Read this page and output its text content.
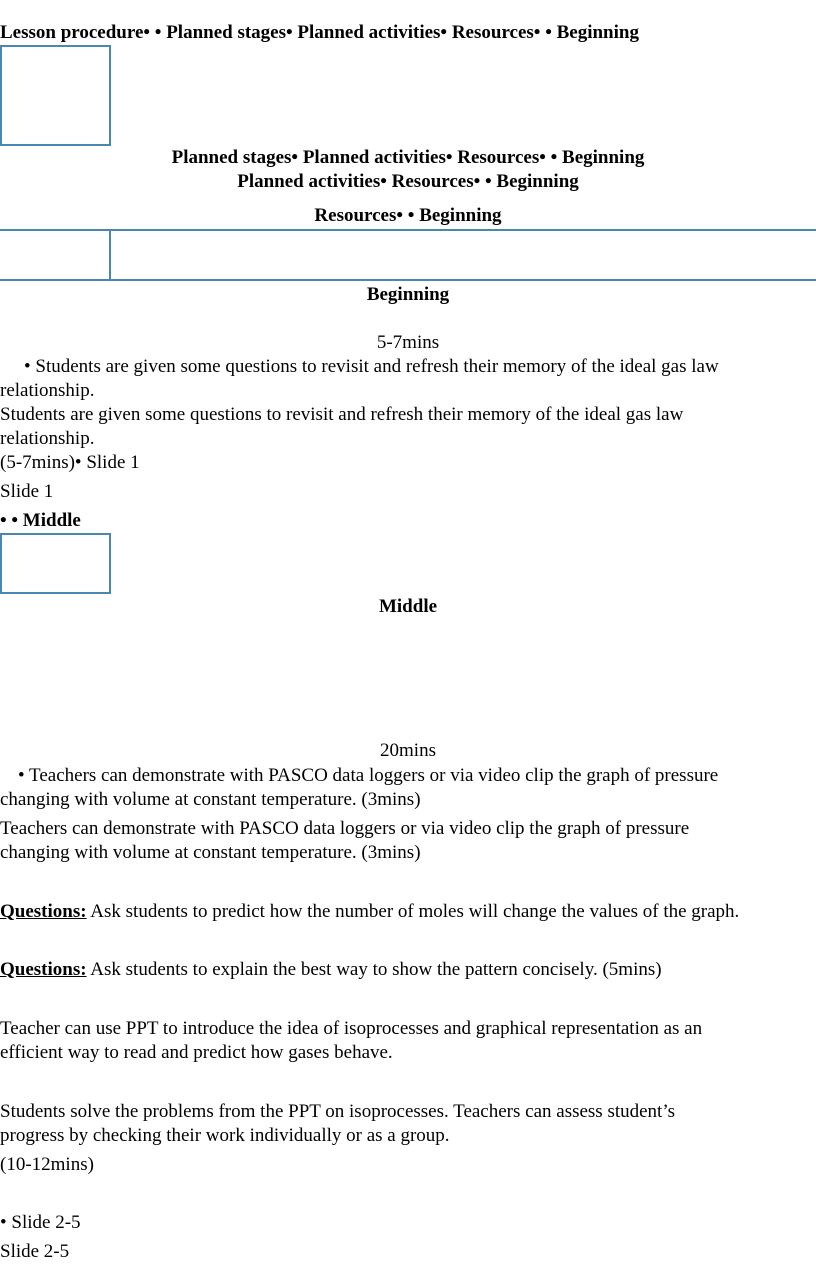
Lesson procedure• • Planned stages• Planned activities• Resources• • Beginning
Planned stages• Planned activities• Resources• • Beginning
Planned activities• Resources• • Beginning
Resources• • Beginning
Beginning
5-7mins
• Students are given some questions to revisit and refresh their memory of the ideal gas law
relationship.
Students are given some questions to revisit and refresh their memory of the ideal gas law
relationship.
(5-7mins)• Slide 1
Slide 1
• • Middle
Middle
20mins
• Teachers can demonstrate with PASCO data loggers or via video clip the graph of pressure
changing with volume at constant temperature. (3mins)
Teachers can demonstrate with PASCO data loggers or via video clip the graph of pressure
changing with volume at constant temperature. (3mins)
Questions: Ask students to predict how the number of moles will change the values of the graph.
Questions: Ask students to explain the best way to show the pattern concisely. (5mins)
Teacher can use PPT to introduce the idea of isoprocesses and graphical representation as an
efficient way to read and predict how gases behave.
Students solve the problems from the PPT on isoprocesses. Teachers can assess student’s
progress by checking their work individually or as a group.
(10-12mins)
• Slide 2-5
Slide 2-5
